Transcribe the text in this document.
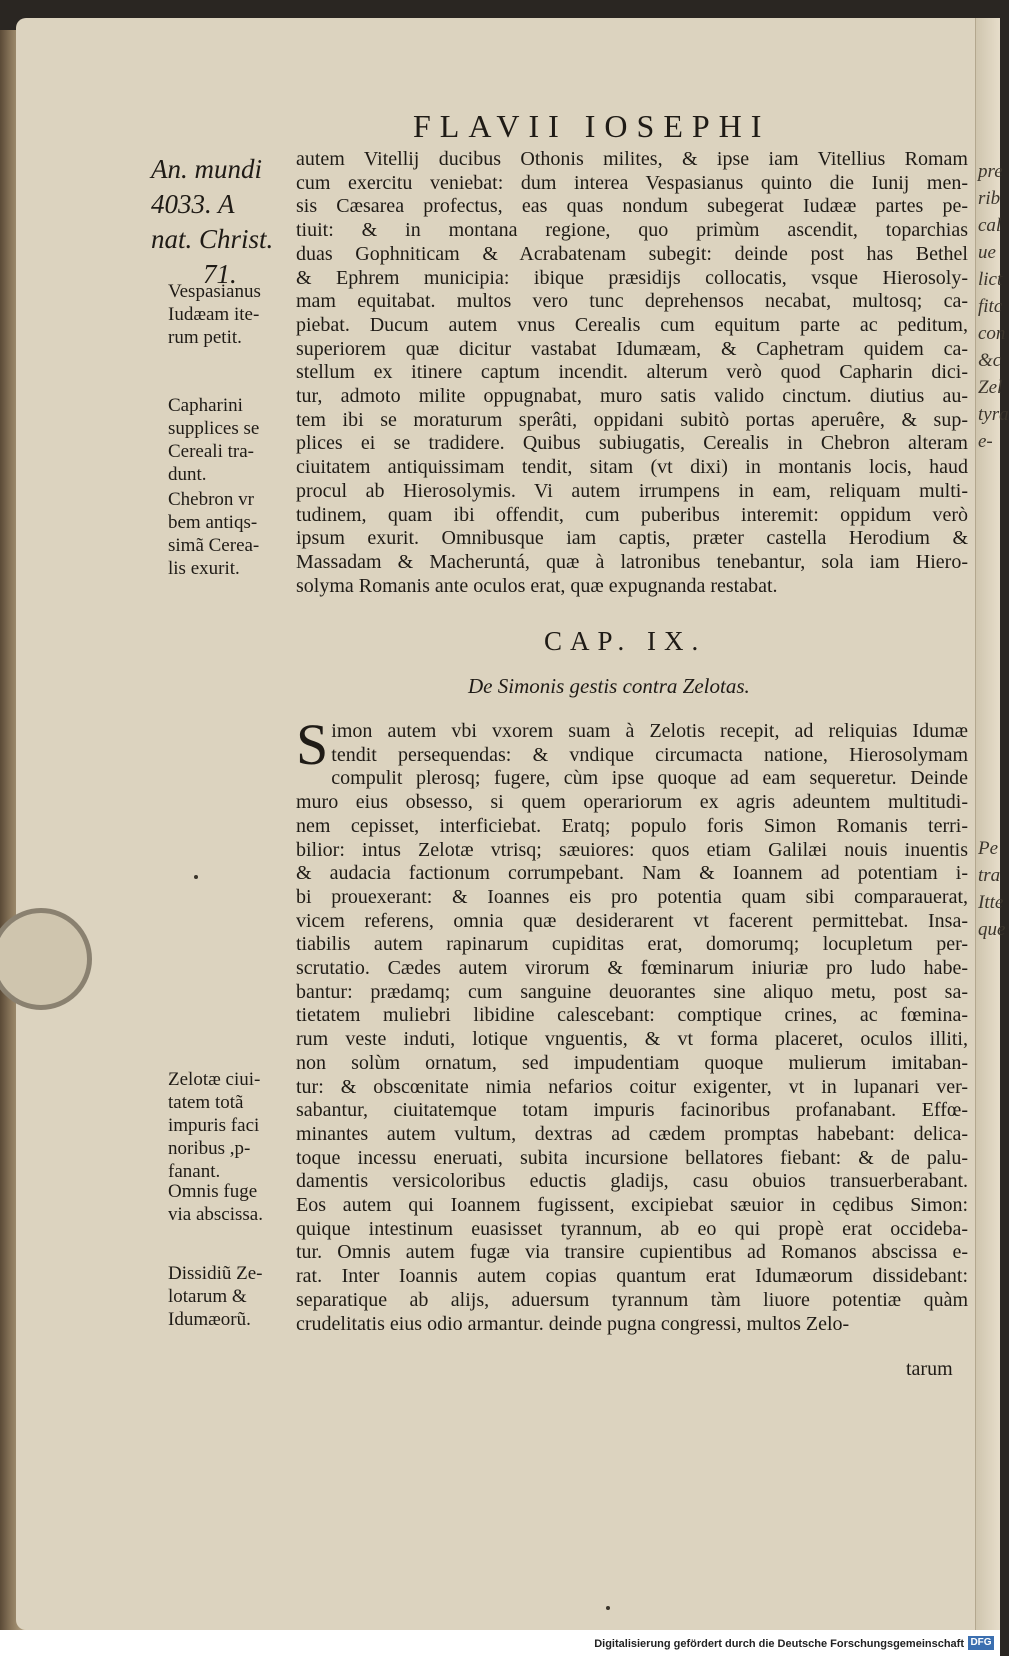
pre
rib
cal
ue
lict
fitc
con
&c
Zel
tyra
e-
Pe
tra
Itte
que
FLAVII IOSEPHI
An. mundi
4033. A
nat. Christ.
71.
Vespasianus
Iudæam ite-
rum petit.
Capharini
supplices se
Cereali tra-
dunt.
Chebron vr
bem antiqs-
simã Cerea-
lis exurit.
Zelotæ ciui-
tatem totã
impuris faci
noribus ,p-
fanant.
Omnis fuge
via abscissa.
Dissidiũ Ze-
lotarum &
Idumæorũ.
autem Vitellij ducibus Othonis milites, & ipse iam Vitellius Romam
cum exercitu veniebat: dum interea Vespasianus quinto die Iunij men-
sis Cæsarea profectus, eas quas nondum subegerat Iudææ partes pe-
tiuit: & in montana regione, quo primùm ascendit, toparchias
duas Gophniticam & Acrabatenam subegit: deinde post has Bethel
& Ephrem municipia: ibique præsidijs collocatis, vsque Hierosoly-
mam equitabat. multos vero tunc deprehensos necabat, multosq; ca-
piebat. Ducum autem vnus Cerealis cum equitum parte ac peditum,
superiorem quæ dicitur vastabat Idumæam, & Caphetram quidem ca-
stellum ex itinere captum incendit. alterum verò quod Capharin dici-
tur, admoto milite oppugnabat, muro satis valido cinctum. diutius au-
tem ibi se moraturum sperâti, oppidani subitò portas aperuêre, & sup-
plices ei se tradidere. Quibus subiugatis, Cerealis in Chebron alteram
ciuitatem antiquissimam tendit, sitam (vt dixi) in montanis locis, haud
procul ab Hierosolymis. Vi autem irrumpens in eam, reliquam multi-
tudinem, quam ibi offendit, cum puberibus interemit: oppidum verò
ipsum exurit. Omnibusque iam captis, præter castella Herodium &
Massadam & Macheruntá, quæ à latronibus tenebantur, sola iam Hiero-
solyma Romanis ante oculos erat, quæ expugnanda restabat.
CAP. IX.
De Simonis gestis contra Zelotas.
S imon autem vbi vxorem suam à Zelotis recepit, ad reliquias Idumæ
tendit persequendas: & vndique circumacta natione, Hierosolymam
compulit plerosq; fugere, cùm ipse quoque ad eam sequeretur. Deinde
muro eius obsesso, si quem operariorum ex agris adeuntem multitudi-
nem cepisset, interficiebat. Eratq; populo foris Simon Romanis terri-
bilior: intus Zelotæ vtrisq; sæuiores: quos etiam Galilæi nouis inuentis
& audacia factionum corrumpebant. Nam & Ioannem ad potentiam i-
bi prouexerant: & Ioannes eis pro potentia quam sibi comparauerat,
vicem referens, omnia quæ desiderarent vt facerent permittebat. Insa-
tiabilis autem rapinarum cupiditas erat, domorumq; locupletum per-
scrutatio. Cædes autem virorum & fœminarum iniuriæ pro ludo habe-
bantur: prædamq; cum sanguine deuorantes sine aliquo metu, post sa-
tietatem muliebri libidine calescebant: comptique crines, ac fœmina-
rum veste induti, lotique vnguentis, & vt forma placeret, oculos illiti,
non solùm ornatum, sed impudentiam quoque mulierum imitaban-
tur: & obscœnitate nimia nefarios coitur exigenter, vt in lupanari ver-
sabantur, ciuitatemque totam impuris facinoribus profanabant. Effœ-
minantes autem vultum, dextras ad cædem promptas habebant: delica-
toque incessu eneruati, subita incursione bellatores fiebant: & de palu-
damentis versicoloribus eductis gladijs, casu obuios transuerberabant.
Eos autem qui Ioannem fugissent, excipiebat sæuior in cędibus Simon:
quique intestinum euasisset tyrannum, ab eo qui propè erat occideba-
tur. Omnis autem fugæ via transire cupientibus ad Romanos abscissa e-
rat. Inter Ioannis autem copias quantum erat Idumæorum dissidebant:
separatique ab alijs, aduersum tyrannum tàm liuore potentiæ quàm
crudelitatis eius odio armantur. deinde pugna congressi, multos Zelo-
tarum
Digitalisierung gefördert durch die Deutsche Forschungsgemeinschaft DFG
